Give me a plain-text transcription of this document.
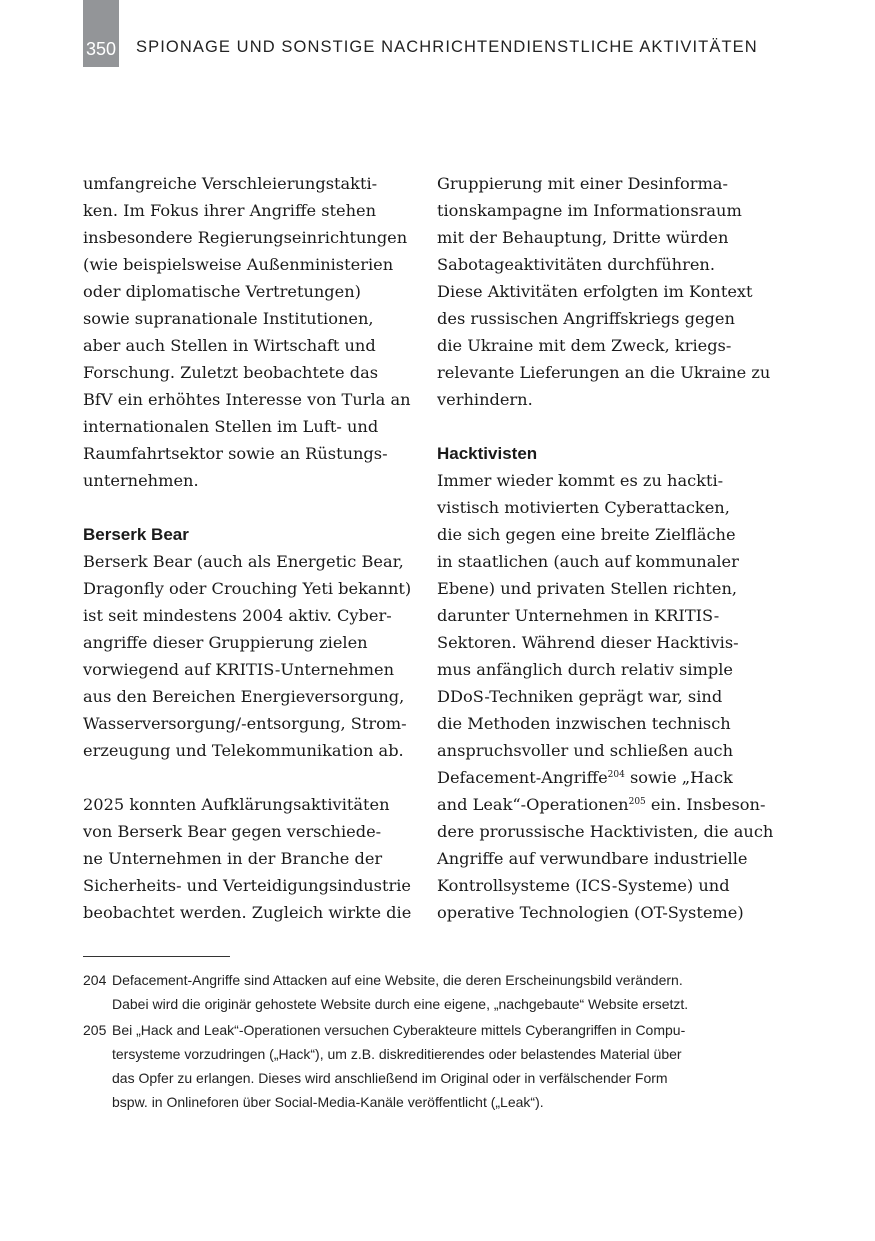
350 SPIONAGE UND SONSTIGE NACHRICHTENDIENSTLICHE AKTIVITÄTEN
umfangreiche Verschleierungstakti-
ken. Im Fokus ihrer Angriffe stehen
insbesondere Regierungseinrichtungen
(wie beispielsweise Außenministerien
oder diplomatische Vertretungen)
sowie supranationale Institutionen,
aber auch Stellen in Wirtschaft und
Forschung. Zuletzt beobachtete das
BfV ein erhöhtes Interesse von Turla an
internationalen Stellen im Luft- und
Raumfahrtsektor sowie an Rüstungs-
unternehmen.
Berserk Bear
Berserk Bear (auch als Energetic Bear,
Dragonfly oder Crouching Yeti bekannt)
ist seit mindestens 2004 aktiv. Cyber-
angriffe dieser Gruppierung zielen
vorwiegend auf KRITIS-Unternehmen
aus den Bereichen Energieversorgung,
Wasserversorgung/-entsorgung, Strom-
erzeugung und Telekommunikation ab.
2025 konnten Aufklärungsaktivitäten
von Berserk Bear gegen verschiede-
ne Unternehmen in der Branche der
Sicherheits- und Verteidigungsindustrie
beobachtet werden. Zugleich wirkte die
Gruppierung mit einer Desinforma-
tionskampagne im Informationsraum
mit der Behauptung, Dritte würden
Sabotageaktivitäten durchführen.
Diese Aktivitäten erfolgten im Kontext
des russischen Angriffskriegs gegen
die Ukraine mit dem Zweck, kriegs-
relevante Lieferungen an die Ukraine zu
verhindern.
Hacktivisten
Immer wieder kommt es zu hackti-
vistisch motivierten Cyberattacken,
die sich gegen eine breite Zielfläche
in staatlichen (auch auf kommunaler
Ebene) und privaten Stellen richten,
darunter Unternehmen in KRITIS-
Sektoren. Während dieser Hacktivis-
mus anfänglich durch relativ simple
DDoS-Techniken geprägt war, sind
die Methoden inzwischen technisch
anspruchsvoller und schließen auch
Defacement-Angriffe$^{204}$ sowie „Hack
and Leak“-Operationen$^{205}$ ein. Insbeson-
dere prorussische Hacktivisten, die auch
Angriffe auf verwundbare industrielle
Kontrollsysteme (ICS-Systeme) und
operative Technologien (OT-Systeme)
204 Defacement-Angriffe sind Attacken auf eine Website, die deren Erscheinungsbild verändern.
Dabei wird die originär gehostete Website durch eine eigene, „nachgebaute“ Website ersetzt.
205 Bei „Hack and Leak“-Operationen versuchen Cyberakteure mittels Cyberangriffen in Compu-
tersysteme vorzudringen („Hack“), um z.B. diskreditierendes oder belastendes Material über
das Opfer zu erlangen. Dieses wird anschließend im Original oder in verfälschender Form
bspw. in Onlineforen über Social-Media-Kanäle veröffentlicht („Leak“).
